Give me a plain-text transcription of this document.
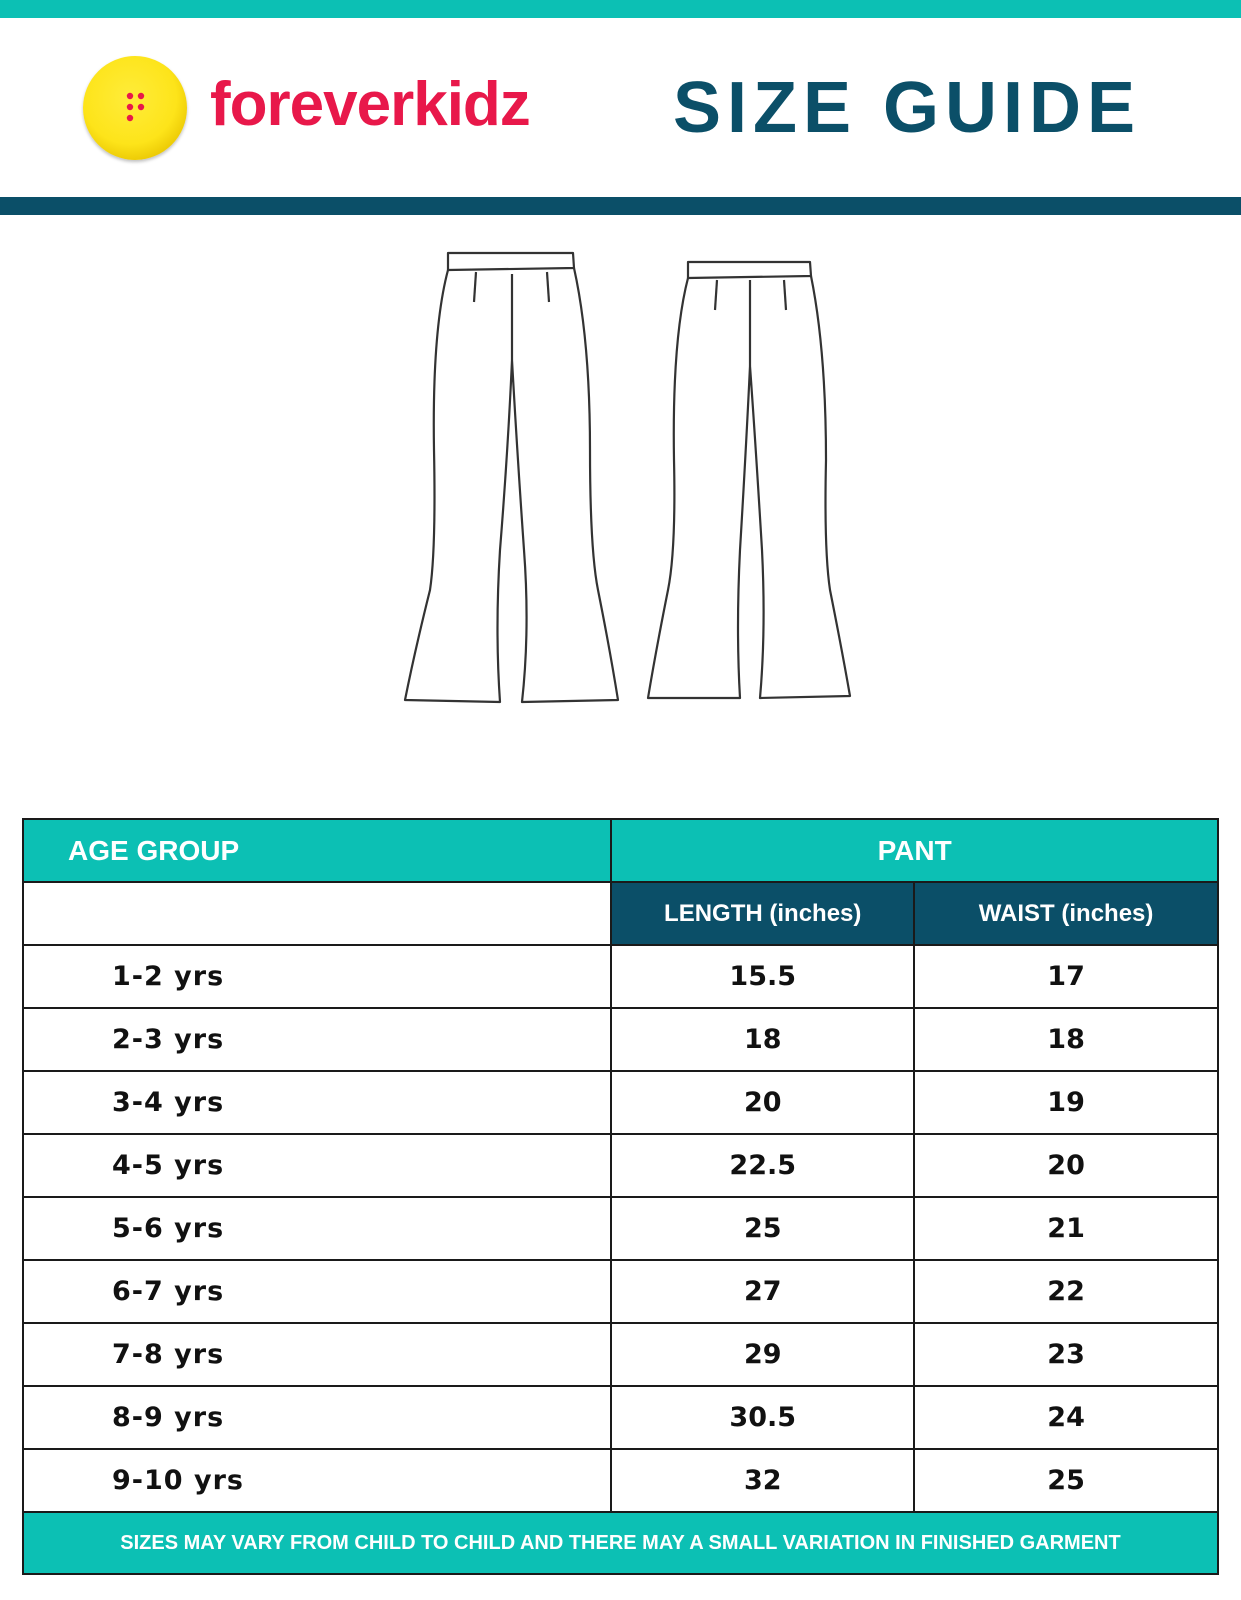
foreverkidz SIZE GUIDE
AGE GROUP	PANT	
	LENGTH (inches)	WAIST (inches)
1-2 yrs	15.5	17
2-3 yrs	18	18
3-4 yrs	20	19
4-5 yrs	22.5	20
5-6 yrs	25	21
6-7 yrs	27	22
7-8 yrs	29	23
8-9 yrs	30.5	24
9-10 yrs	32	25
SIZES MAY VARY FROM CHILD TO CHILD AND THERE MAY A SMALL VARIATION IN FINISHED GARMENT		
